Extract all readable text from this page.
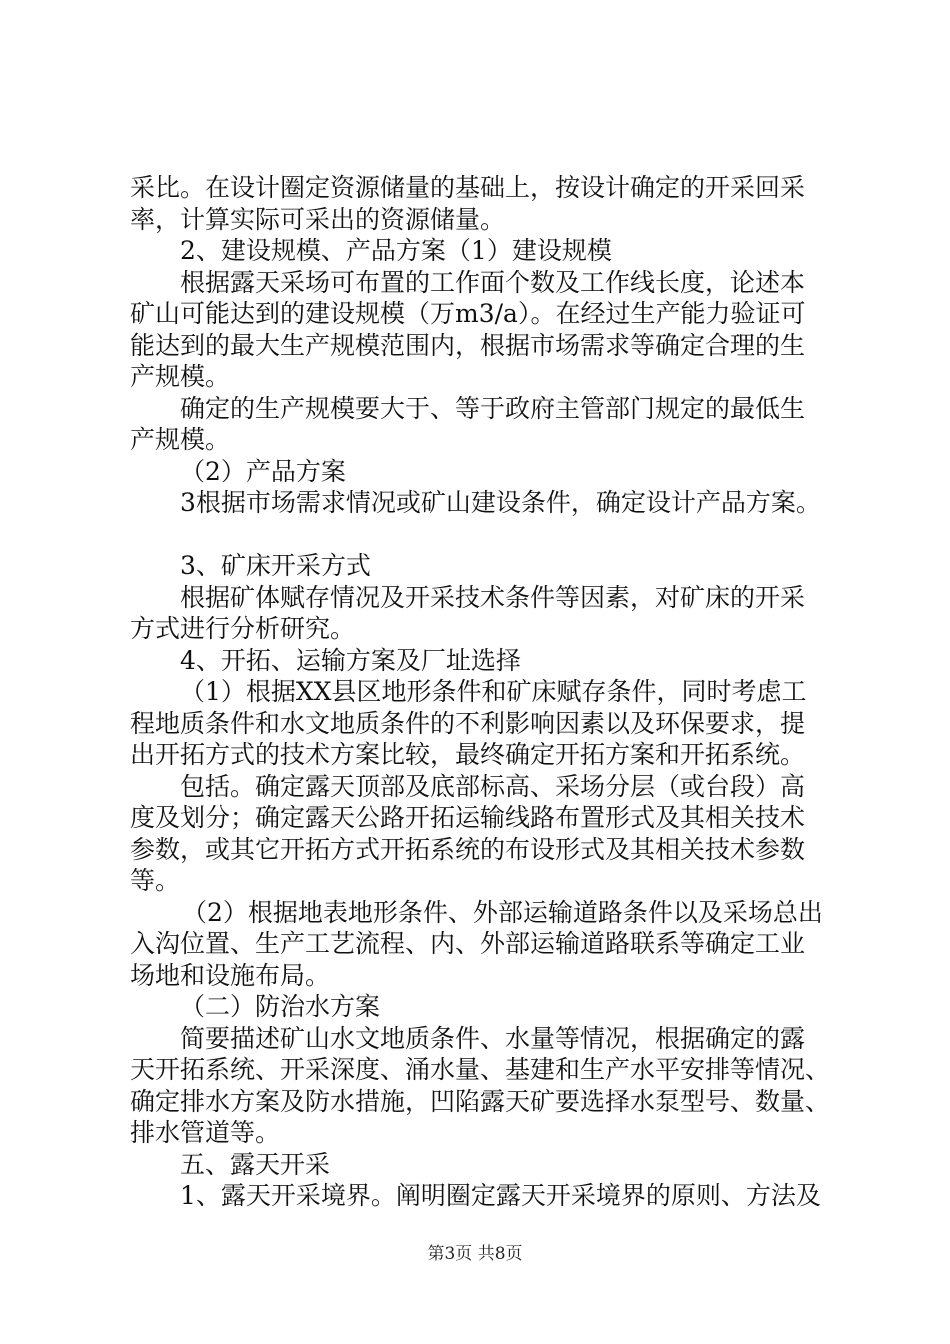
采比。在设计圈定资源储量的基础上，按设计确定的开采回采
率，计算实际可采出的资源储量。
2、建设规模、产品方案（1）建设规模
根据露天采场可布置的工作面个数及工作线长度，论述本
矿山可能达到的建设规模（万m3/a）。在经过生产能力验证可
能达到的最大生产规模范围内，根据市场需求等确定合理的生
产规模。
确定的生产规模要大于、等于政府主管部门规定的最低生
产规模。
（2）产品方案
3根据市场需求情况或矿山建设条件，确定设计产品方案。
3、矿床开采方式
根据矿体赋存情况及开采技术条件等因素，对矿床的开采
方式进行分析研究。
4、开拓、运输方案及厂址选择
（1）根据XX县区地形条件和矿床赋存条件，同时考虑工
程地质条件和水文地质条件的不利影响因素以及环保要求，提
出开拓方式的技术方案比较，最终确定开拓方案和开拓系统。
包括。确定露天顶部及底部标高、采场分层（或台段）高
度及划分；确定露天公路开拓运输线路布置形式及其相关技术
参数，或其它开拓方式开拓系统的布设形式及其相关技术参数
等。
（2）根据地表地形条件、外部运输道路条件以及采场总出
入沟位置、生产工艺流程、内、外部运输道路联系等确定工业
场地和设施布局。
（二）防治水方案
简要描述矿山水文地质条件、水量等情况，根据确定的露
天开拓系统、开采深度、涌水量、基建和生产水平安排等情况、
确定排水方案及防水措施，凹陷露天矿要选择水泵型号、数量、
排水管道等。
五、露天开采
1、露天开采境界。阐明圈定露天开采境界的原则、方法及
第3页 共8页
